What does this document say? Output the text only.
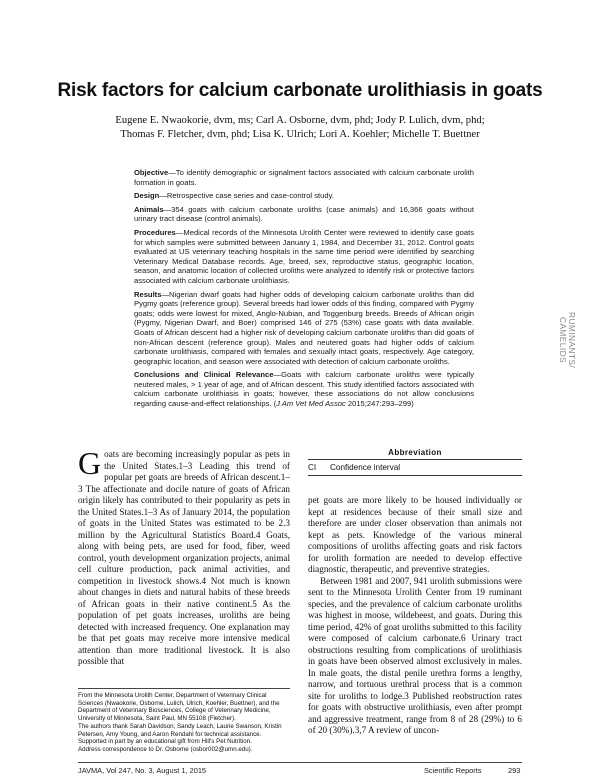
Risk factors for calcium carbonate urolithiasis in goats
Eugene E. Nwaokorie, dvm, ms; Carl A. Osborne, dvm, phd; Jody P. Lulich, dvm, phd;
Thomas F. Fletcher, dvm, phd; Lisa K. Ulrich; Lori A. Koehler; Michelle T. Buettner

Objective—To identify demographic or signalment factors associated with calcium carbonate urolith formation in goats.

Design—Retrospective case series and case-control study.

Animals—354 goats with calcium carbonate uroliths (case animals) and 16,366 goats without urinary tract disease (control animals).

Procedures—Medical records of the Minnesota Urolith Center were reviewed to identify case goats for which samples were submitted between January 1, 1984, and December 31, 2012. Control goats evaluated at US veterinary teaching hospitals in the same time period were identified by searching Veterinary Medical Database records. Age, breed, sex, reproductive status, geographic location, season, and anatomic location of collected uroliths were analyzed to identify risk or protective factors associated with calcium carbonate urolithiasis.

Results—Nigerian dwarf goats had higher odds of developing calcium carbonate uroliths than did Pygmy goats (reference group). Several breeds had lower odds of this finding, compared with Pygmy goats; odds were lowest for mixed, Anglo-Nubian, and Toggenburg breeds. Breeds of African origin (Pygmy, Nigerian Dwarf, and Boer) comprised 146 of 275 (53%) case goats with data available. Goats of African descent had a higher risk of developing calcium carbonate uroliths than did goats of non-African descent (reference group). Males and neutered goats had higher odds of calcium carbonate urolithiasis, compared with females and sexually intact goats, respectively. Age category, geographic location, and season were associated with detection of calcium carbonate uroliths.

Conclusions and Clinical Relevance—Goats with calcium carbonate uroliths were typically neutered males, > 1 year of age, and of African descent. This study identified factors associated with calcium carbonate urolithiasis in goats; however, these associations do not allow conclusions regarding cause-and-effect relationships. (J Am Vet Med Assoc 2015;247:293–299)

RUMINANTS/ CAMELIDS
Goats are becoming increasingly popular as pets in the United States.1–3 Leading this trend of popular pet goats are breeds of African descent.1–3 The affectionate and docile nature of goats of African origin likely has contributed to their popularity as pets in the United States.1–3 As of January 2014, the population of goats in the United States was estimated to be 2.3 million by the Agricultural Statistics Board.4 Goats, along with being pets, are used for food, fiber, weed control, youth development organization projects, animal cell culture production, pack animal activities, and competition in livestock shows.4 Not much is known about changes in diets and natural habits of these breeds of African goats in their native continent.5 As the population of pet goats increases, uroliths are being detected with increased frequency. One explanation may be that pet goats may receive more intensive medical attention than more traditional livestock. It is also possible that
Abbreviation
CI Confidence interval
pet goats are more likely to be housed individually or kept at residences because of their small size and therefore are under closer observation than animals not kept as pets. Knowledge of the various mineral compositions of uroliths affecting goats and risk factors for urolith formation are needed to develop effective diagnostic, therapeutic, and preventive strategies.
Between 1981 and 2007, 941 urolith submissions were sent to the Minnesota Urolith Center from 19 ruminant species, and the prevalence of calcium carbonate uroliths was highest in moose, wildebeest, and goats. During this time period, 42% of goat uroliths submitted to this facility were composed of calcium carbonate.6 Urinary tract obstructions resulting from complications of urolithiasis in goats have been observed almost exclusively in males. In male goats, the distal penile urethra forms a lengthy, narrow, and tortuous urethral process that is a common site for uroliths to lodge.3 Published reobstruction rates for goats with obstructive urolithiasis, even after prompt and aggressive treatment, range from 8 of 28 (29%) to 6 of 20 (30%).3,7 A review of uncon-

From the Minnesota Urolith Center, Department of Veterinary Clinical Sciences (Nwaokorie, Osborne, Lulich, Ulrich, Koehler, Buettner), and the Department of Veterinary Biosciences, College of Veterinary Medicine, University of Minnesota, Saint Paul, MN 55108 (Fletcher).

The authors thank Sarah Davidson, Sandy Leach, Laurie Swanson, Kristin Petersen, Amy Young, and Aaron Rendahl for technical assistance.

Supported in part by an educational gift from Hill's Pet Nutrition.

Address correspondence to Dr. Osborne (osbor002@umn.edu).

JAVMA, Vol 247, No. 3, August 1, 2015	Scientific Reports	293
